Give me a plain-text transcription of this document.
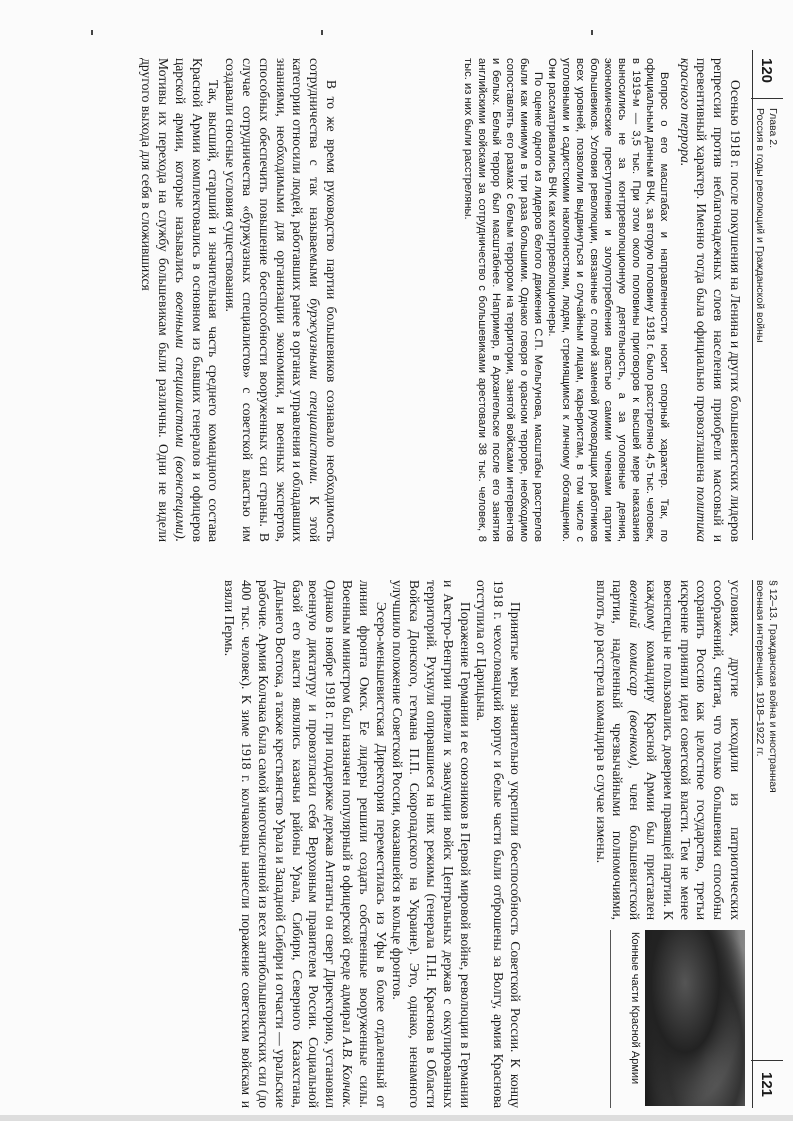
120
Глава 2.
Россия в годы революций и Гражданской войны

Осенью 1918 г. после покушения на Ленина и других большевистских лидеров репрессии против неблагонадежных слоев населения приобрели массовый и превентивный характер. Именно тогда была официально провозглашена политика красного террора.

Вопрос о его масштабах и направленности носит спорный характер. Так, по официальным данным ВЧК, за вторую половину 1918 г. было расстреляно 4,5 тыс. человек, в 1919-м — 3,5 тыс. При этом около половины приговоров к высшей мере наказания выносились не за контрреволюционную деятельность, а за уголовные деяния, экономические преступления и злоупотребления властью самими членами партии большевиков. Условия революции, связанные с полной заменой руководящих работников всех уровней, позволили выдвинуться и случайным лицам, карьеристам, в том числе с уголовными и садистскими наклонностями, людям, стремящимся к личному обогащению. Они рассматривались ВЧК как контрреволюционеры.

По оценке одного из лидеров белого движения С.П. Мельгунова, масштабы расстрелов были как минимум в три раза большими. Однако говоря о красном терроре, необходимо сопоставлять его размах с белым террором на территории, занятой войсками интервентов и белых. Белый террор был масштабнее. Например, в Архангельске после его занятия английскими войсками за сотрудничество с большевиками арестовали 38 тыс. человек, 8 тыс. из них были расстреляны.

В то же время руководство партии большевиков сознавало необходимость сотрудничества с так называемыми буржуазными специалистами. К этой категории относили людей, работавших ранее в органах управления и обладавших знаниями, необходимыми для организации экономики, и военных экспертов, способных обеспечить повышение боеспособности вооруженных сил страны. В случае сотрудничества «буржуазных специалистов» с советской властью им создавали сносные условия существования.

Так, высший, старший и значительная часть среднего командного состава Красной Армии комплектовались в основном из бывших генералов и офицеров царской армии, которые назывались военными специалистами (военспецами). Мотивы их перехода на службу большевикам были различны. Одни не видели другого выхода для себя в сложившихся

§ 12–13. Гражданская война и иностранная
военная интервенция. 1918–1922 гг.
121
Конные части Красной Армии

условиях, другие исходили из патриотических соображений, считая, что только большевики способны сохранить Россию как целостное государство, третьи искренне приняли идеи советской власти. Тем не менее военспецы не пользовались доверием правящей партии. К каждому командиру Красной Армии был приставлен военный комиссар (военком), член большевистской партии, наделенный чрезвычайными полномочиями, вплоть до расстрела командира в случае измены.

Принятые меры значительно укрепили боеспособность Советской России. К концу 1918 г. чехословацкий корпус и белые части были отброшены за Волгу, армия Краснова отступила от Царицына.

Поражение Германии и ее союзников в Первой мировой войне, революции в Германии и Австро-Венгрии привели к эвакуации войск Центральных держав с оккупированных территорий. Рухнули опиравшиеся на них режимы (генерала П.Н. Краснова в Области Войска Донского, гетмана П.П. Скоропадского на Украине). Это, однако, ненамного улучшило положение Советской России, оказавшейся в кольце фронтов.

Эсеро-меньшевистская Директория переместилась из Уфы в более отдаленный от линии фронта Омск. Ее лидеры решили создать собственные вооруженные силы. Военным министром был назначен популярный в офицерской среде адмирал А.В. Колчак. Однако в ноябре 1918 г. при поддержке держав Антанты он сверг Директорию, установил военную диктатуру и провозгласил себя Верховным правителем России. Социальной базой его власти являлись казачьи районы Урала, Сибири, Северного Казахстана, Дальнего Востока, а также крестьянство Урала и Западной Сибири и отчасти — уральские рабочие. Армия Колчака была самой многочисленной из всех антибольшевистских сил (до 400 тыс. человек). К зиме 1918 г. колчаковцы нанесли поражение советским войскам и взяли Пермь.
